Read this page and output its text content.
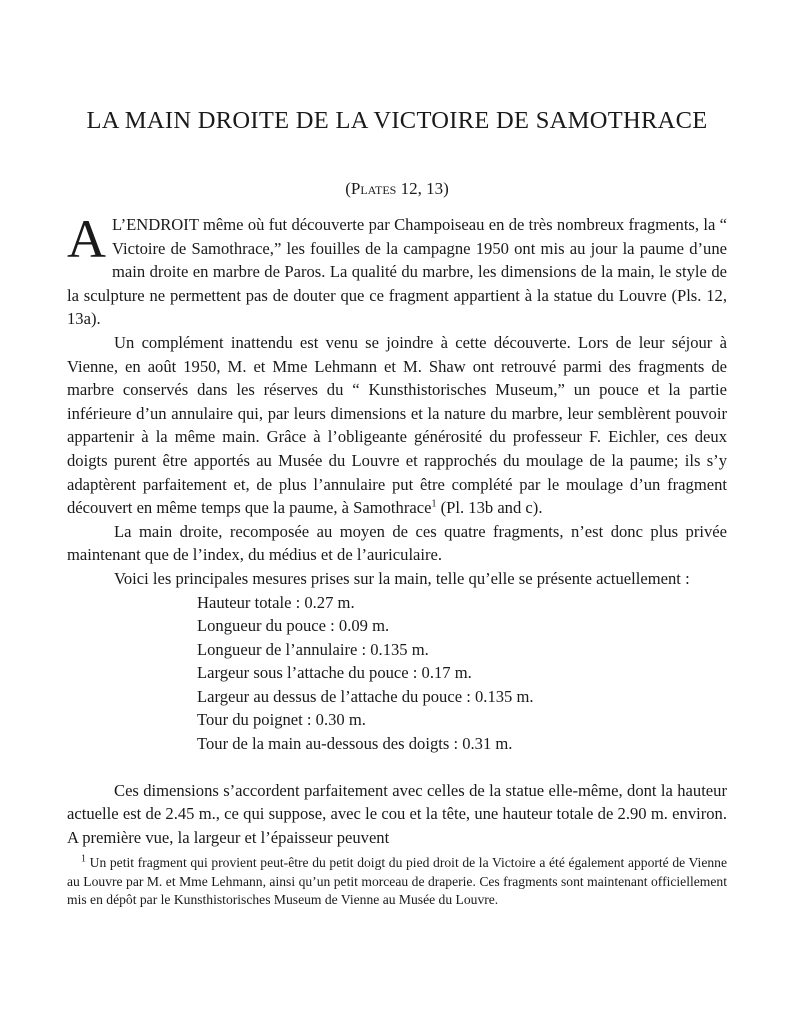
LA MAIN DROITE DE LA VICTOIRE DE SAMOTHRACE
(Plates 12, 13)

A L’ENDROIT même où fut découverte par Champoiseau en de très nombreux fragments, la “ Victoire de Samothrace,” les fouilles de la campagne 1950 ont mis au jour la paume d’une main droite en marbre de Paros. La qualité du marbre, les dimensions de la main, le style de la sculpture ne permettent pas de douter que ce fragment appartient à la statue du Louvre (Pls. 12, 13a).

Un complément inattendu est venu se joindre à cette découverte. Lors de leur séjour à Vienne, en août 1950, M. et Mme Lehmann et M. Shaw ont retrouvé parmi des fragments de marbre conservés dans les réserves du “ Kunsthistorisches Museum,” un pouce et la partie inférieure d’un annulaire qui, par leurs dimensions et la nature du marbre, leur semblèrent pouvoir appartenir à la même main. Grâce à l’obligeante générosité du professeur F. Eichler, ces deux doigts purent être apportés au Musée du Louvre et rapprochés du moulage de la paume; ils s’y adaptèrent parfaitement et, de plus l’annulaire put être complété par le moulage d’un fragment découvert en même temps que la paume, à Samothrace$^1$ (Pl. 13b and c).

La main droite, recomposée au moyen de ces quatre fragments, n’est donc plus privée maintenant que de l’index, du médius et de l’auriculaire.

Voici les principales mesures prises sur la main, telle qu’elle se présente actuellement :

Hauteur totale : 0.27 m.
Longueur du pouce : 0.09 m.
Longueur de l’annulaire : 0.135 m.
Largeur sous l’attache du pouce : 0.17 m.
Largeur au dessus de l’attache du pouce : 0.135 m.
Tour du poignet : 0.30 m.
Tour de la main au-dessous des doigts : 0.31 m.

Ces dimensions s’accordent parfaitement avec celles de la statue elle-même, dont la hauteur actuelle est de 2.45 m., ce qui suppose, avec le cou et la tête, une hauteur totale de 2.90 m. environ. A première vue, la largeur et l’épaisseur peuvent

$^1$ Un petit fragment qui provient peut-être du petit doigt du pied droit de la Victoire a été également apporté de Vienne au Louvre par M. et Mme Lehmann, ainsi qu’un petit morceau de draperie. Ces fragments sont maintenant officiellement mis en dépôt par le Kunsthistorisches Museum de Vienne au Musée du Louvre.
